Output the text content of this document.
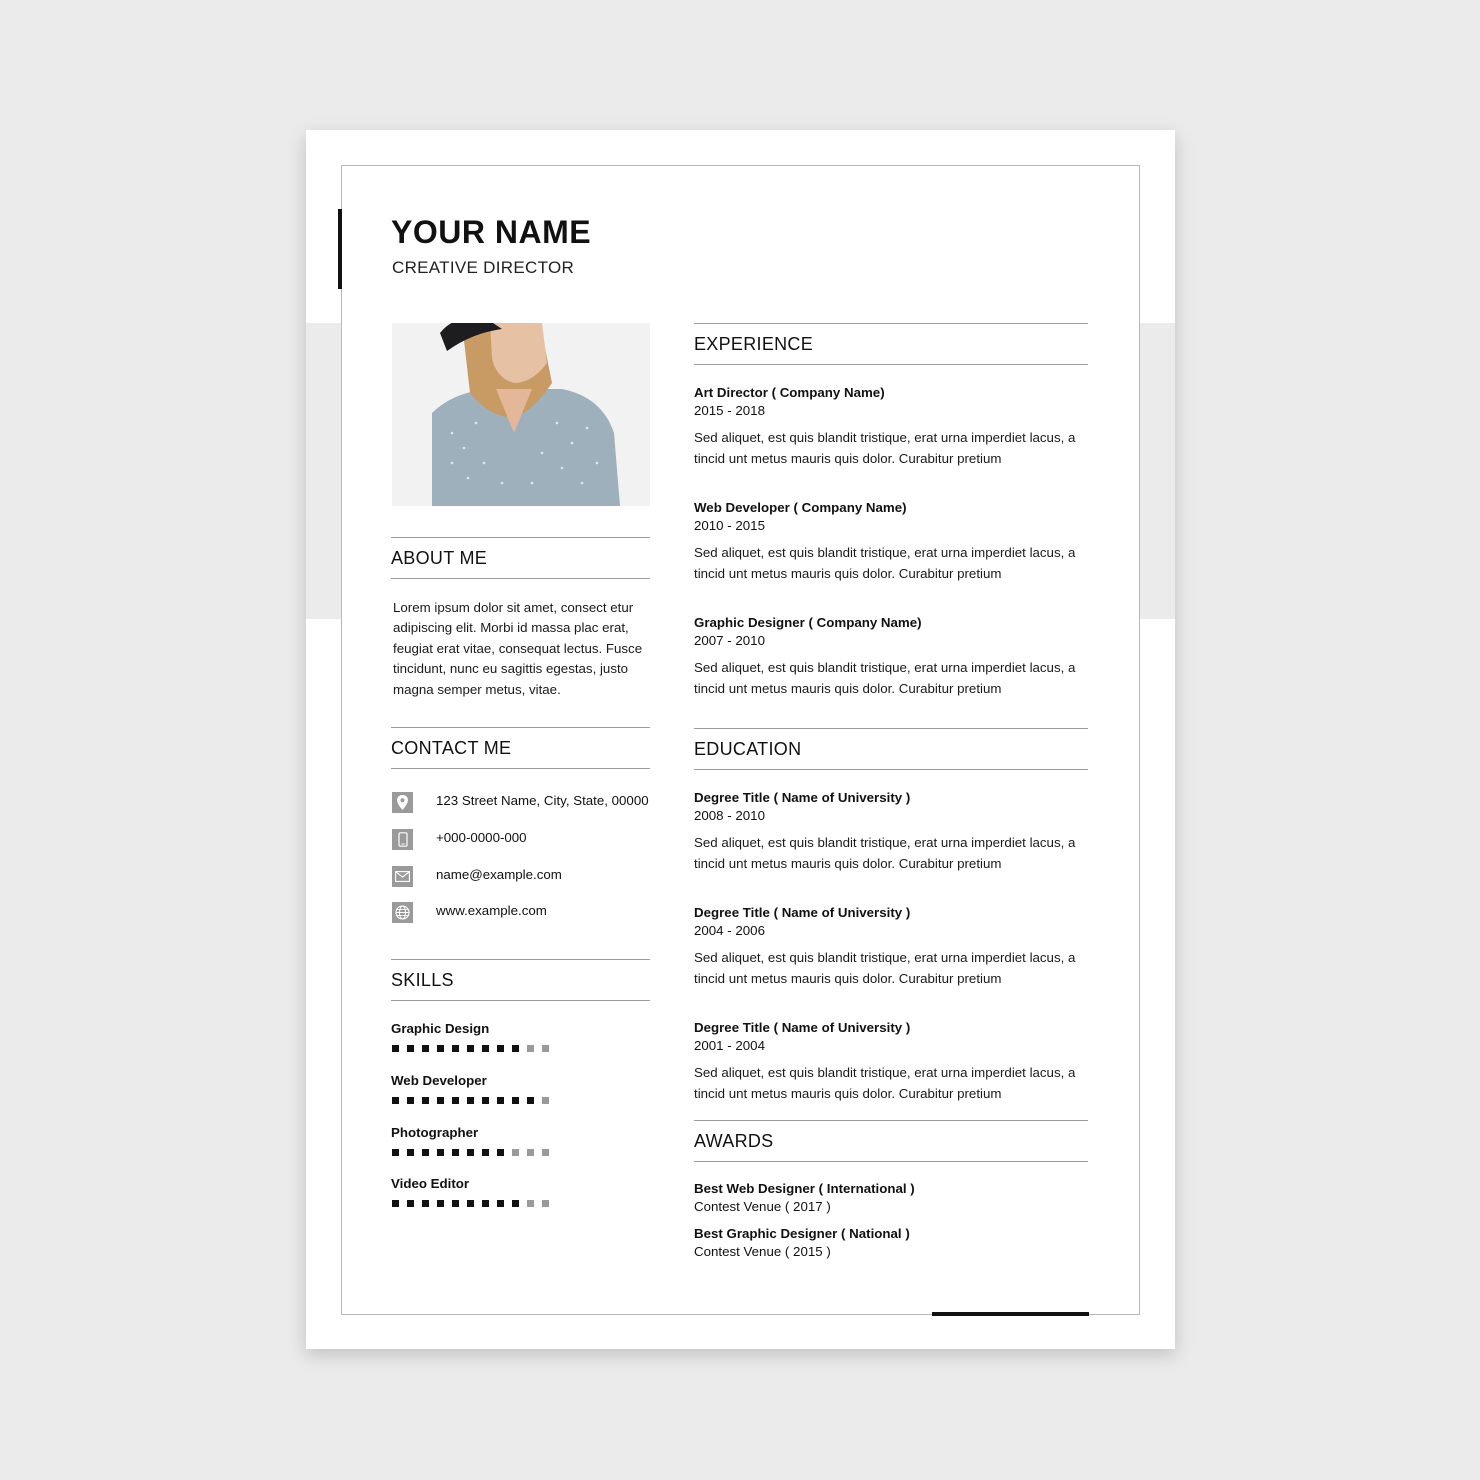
YOUR NAME
CREATIVE DIRECTOR
ABOUT ME
Lorem ipsum dolor sit amet, consect etur adipiscing elit. Morbi id massa plac erat, feugiat erat vitae, consequat lectus. Fusce tincidunt, nunc eu sagittis egestas, justo magna semper metus, vitae.
CONTACT ME
123 Street Name, City, State, 00000
+000-0000-000
name@example.com
www.example.com
SKILLS
Graphic Design
Web Developer
Photographer
Video Editor
EXPERIENCE
Art Director ( Company Name)
2015 - 2018
Sed aliquet, est quis blandit tristique, erat urna imperdiet lacus, a tincid unt metus mauris quis dolor. Curabitur pretium
Web Developer ( Company Name)
2010 - 2015
Sed aliquet, est quis blandit tristique, erat urna imperdiet lacus, a tincid unt metus mauris quis dolor. Curabitur pretium
Graphic Designer ( Company Name)
2007 - 2010
Sed aliquet, est quis blandit tristique, erat urna imperdiet lacus, a tincid unt metus mauris quis dolor. Curabitur pretium
EDUCATION
Degree Title ( Name of University )
2008 - 2010
Sed aliquet, est quis blandit tristique, erat urna imperdiet lacus, a tincid unt metus mauris quis dolor. Curabitur pretium
Degree Title ( Name of University )
2004 - 2006
Sed aliquet, est quis blandit tristique, erat urna imperdiet lacus, a tincid unt metus mauris quis dolor. Curabitur pretium
Degree Title ( Name of University )
2001 - 2004
Sed aliquet, est quis blandit tristique, erat urna imperdiet lacus, a tincid unt metus mauris quis dolor. Curabitur pretium
AWARDS
Best Web Designer ( International )
Contest Venue ( 2017 )
Best Graphic Designer ( National )
Contest Venue ( 2015 )
